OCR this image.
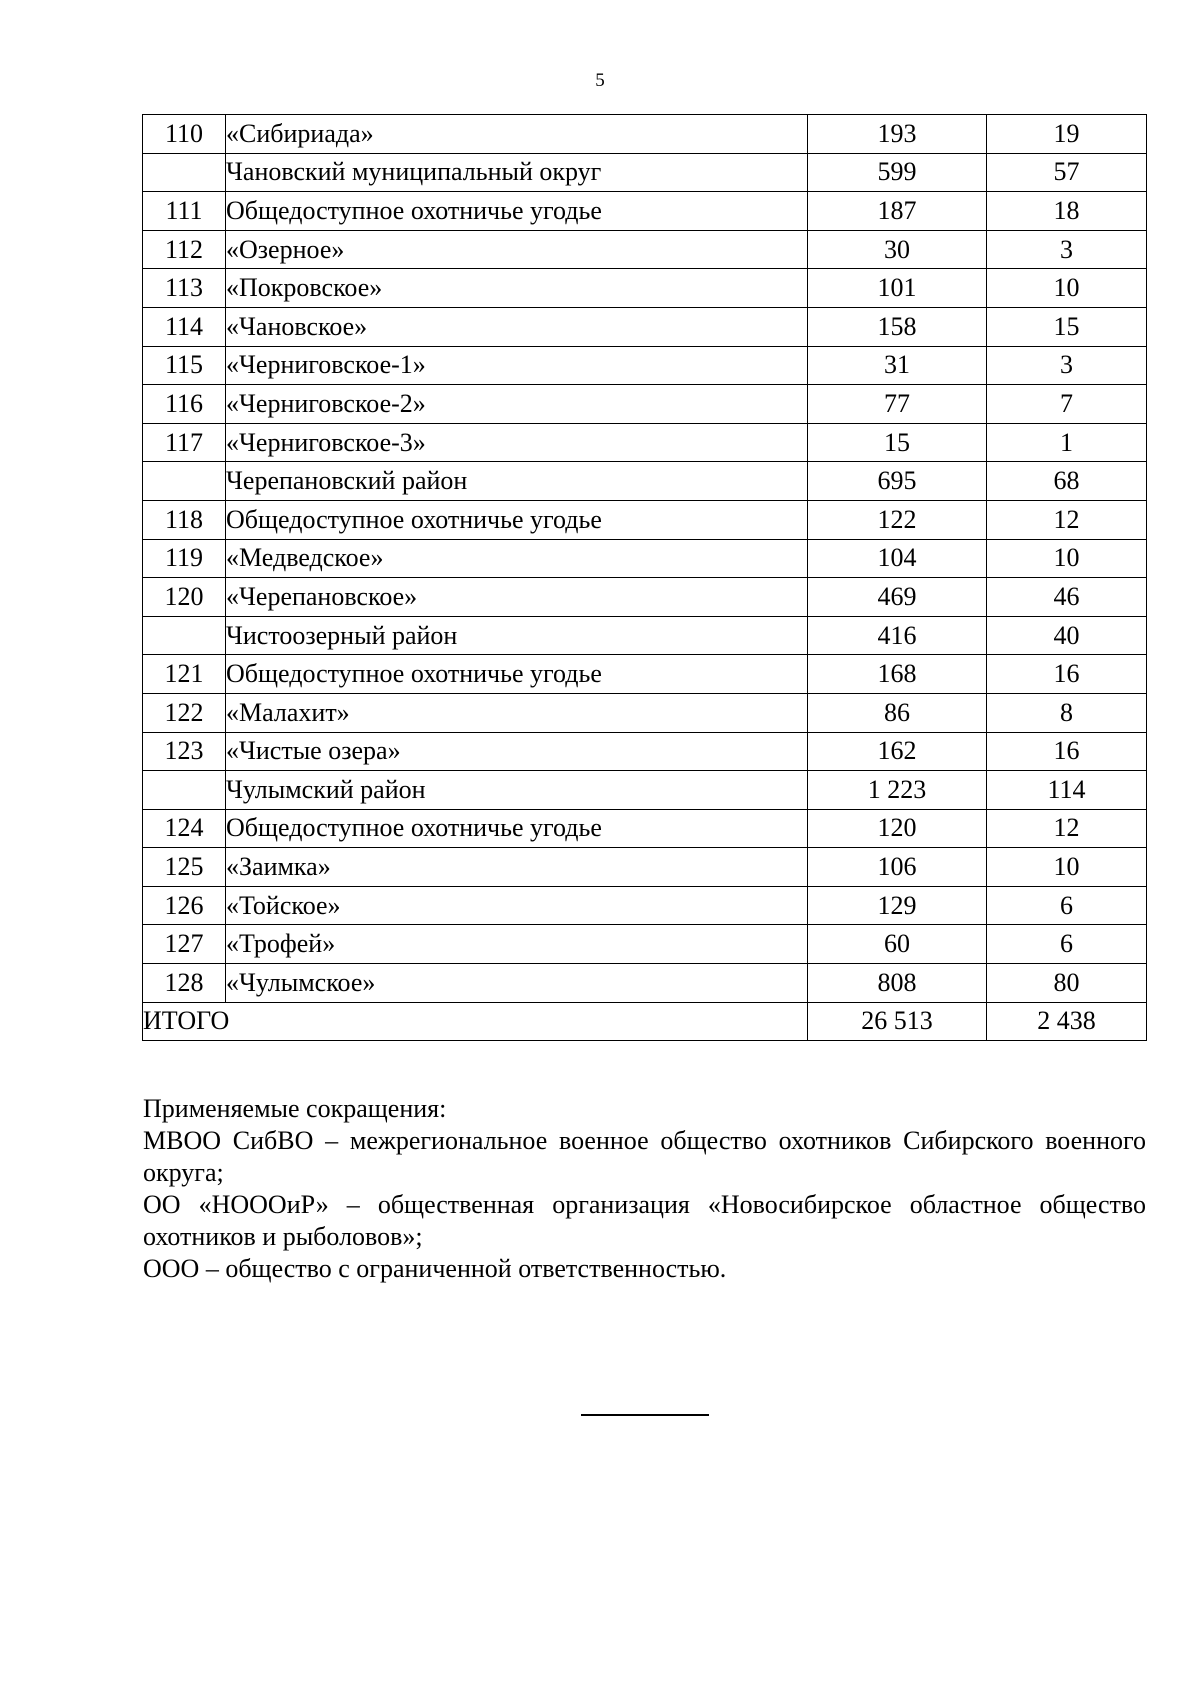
5
110	«Сибириада»	193	19
	Чановский муниципальный округ	599	57
111	Общедоступное охотничье угодье	187	18
112	«Озерное»	30	3
113	«Покровское»	101	10
114	«Чановское»	158	15
115	«Черниговское-1»	31	3
116	«Черниговское-2»	77	7
117	«Черниговское-3»	15	1
	Черепановский район	695	68
118	Общедоступное охотничье угодье	122	12
119	«Медведское»	104	10
120	«Черепановское»	469	46
	Чистоозерный район	416	40
121	Общедоступное охотничье угодье	168	16
122	«Малахит»	86	8
123	«Чистые озера»	162	16
	Чулымский район	1 223	114
124	Общедоступное охотничье угодье	120	12
125	«Заимка»	106	10
126	«Тойское»	129	6
127	«Трофей»	60	6
128	«Чулымское»	808	80
ИТОГО		26 513	2 438

Применяемые сокращения:

МВОО СибВО – межрегиональное военное общество охотников Сибирского военного округа;

ОО «НОООиР» – общественная организация «Новосибирское областное общество охотников и рыболовов»;

ООО – общество с ограниченной ответственностью.
